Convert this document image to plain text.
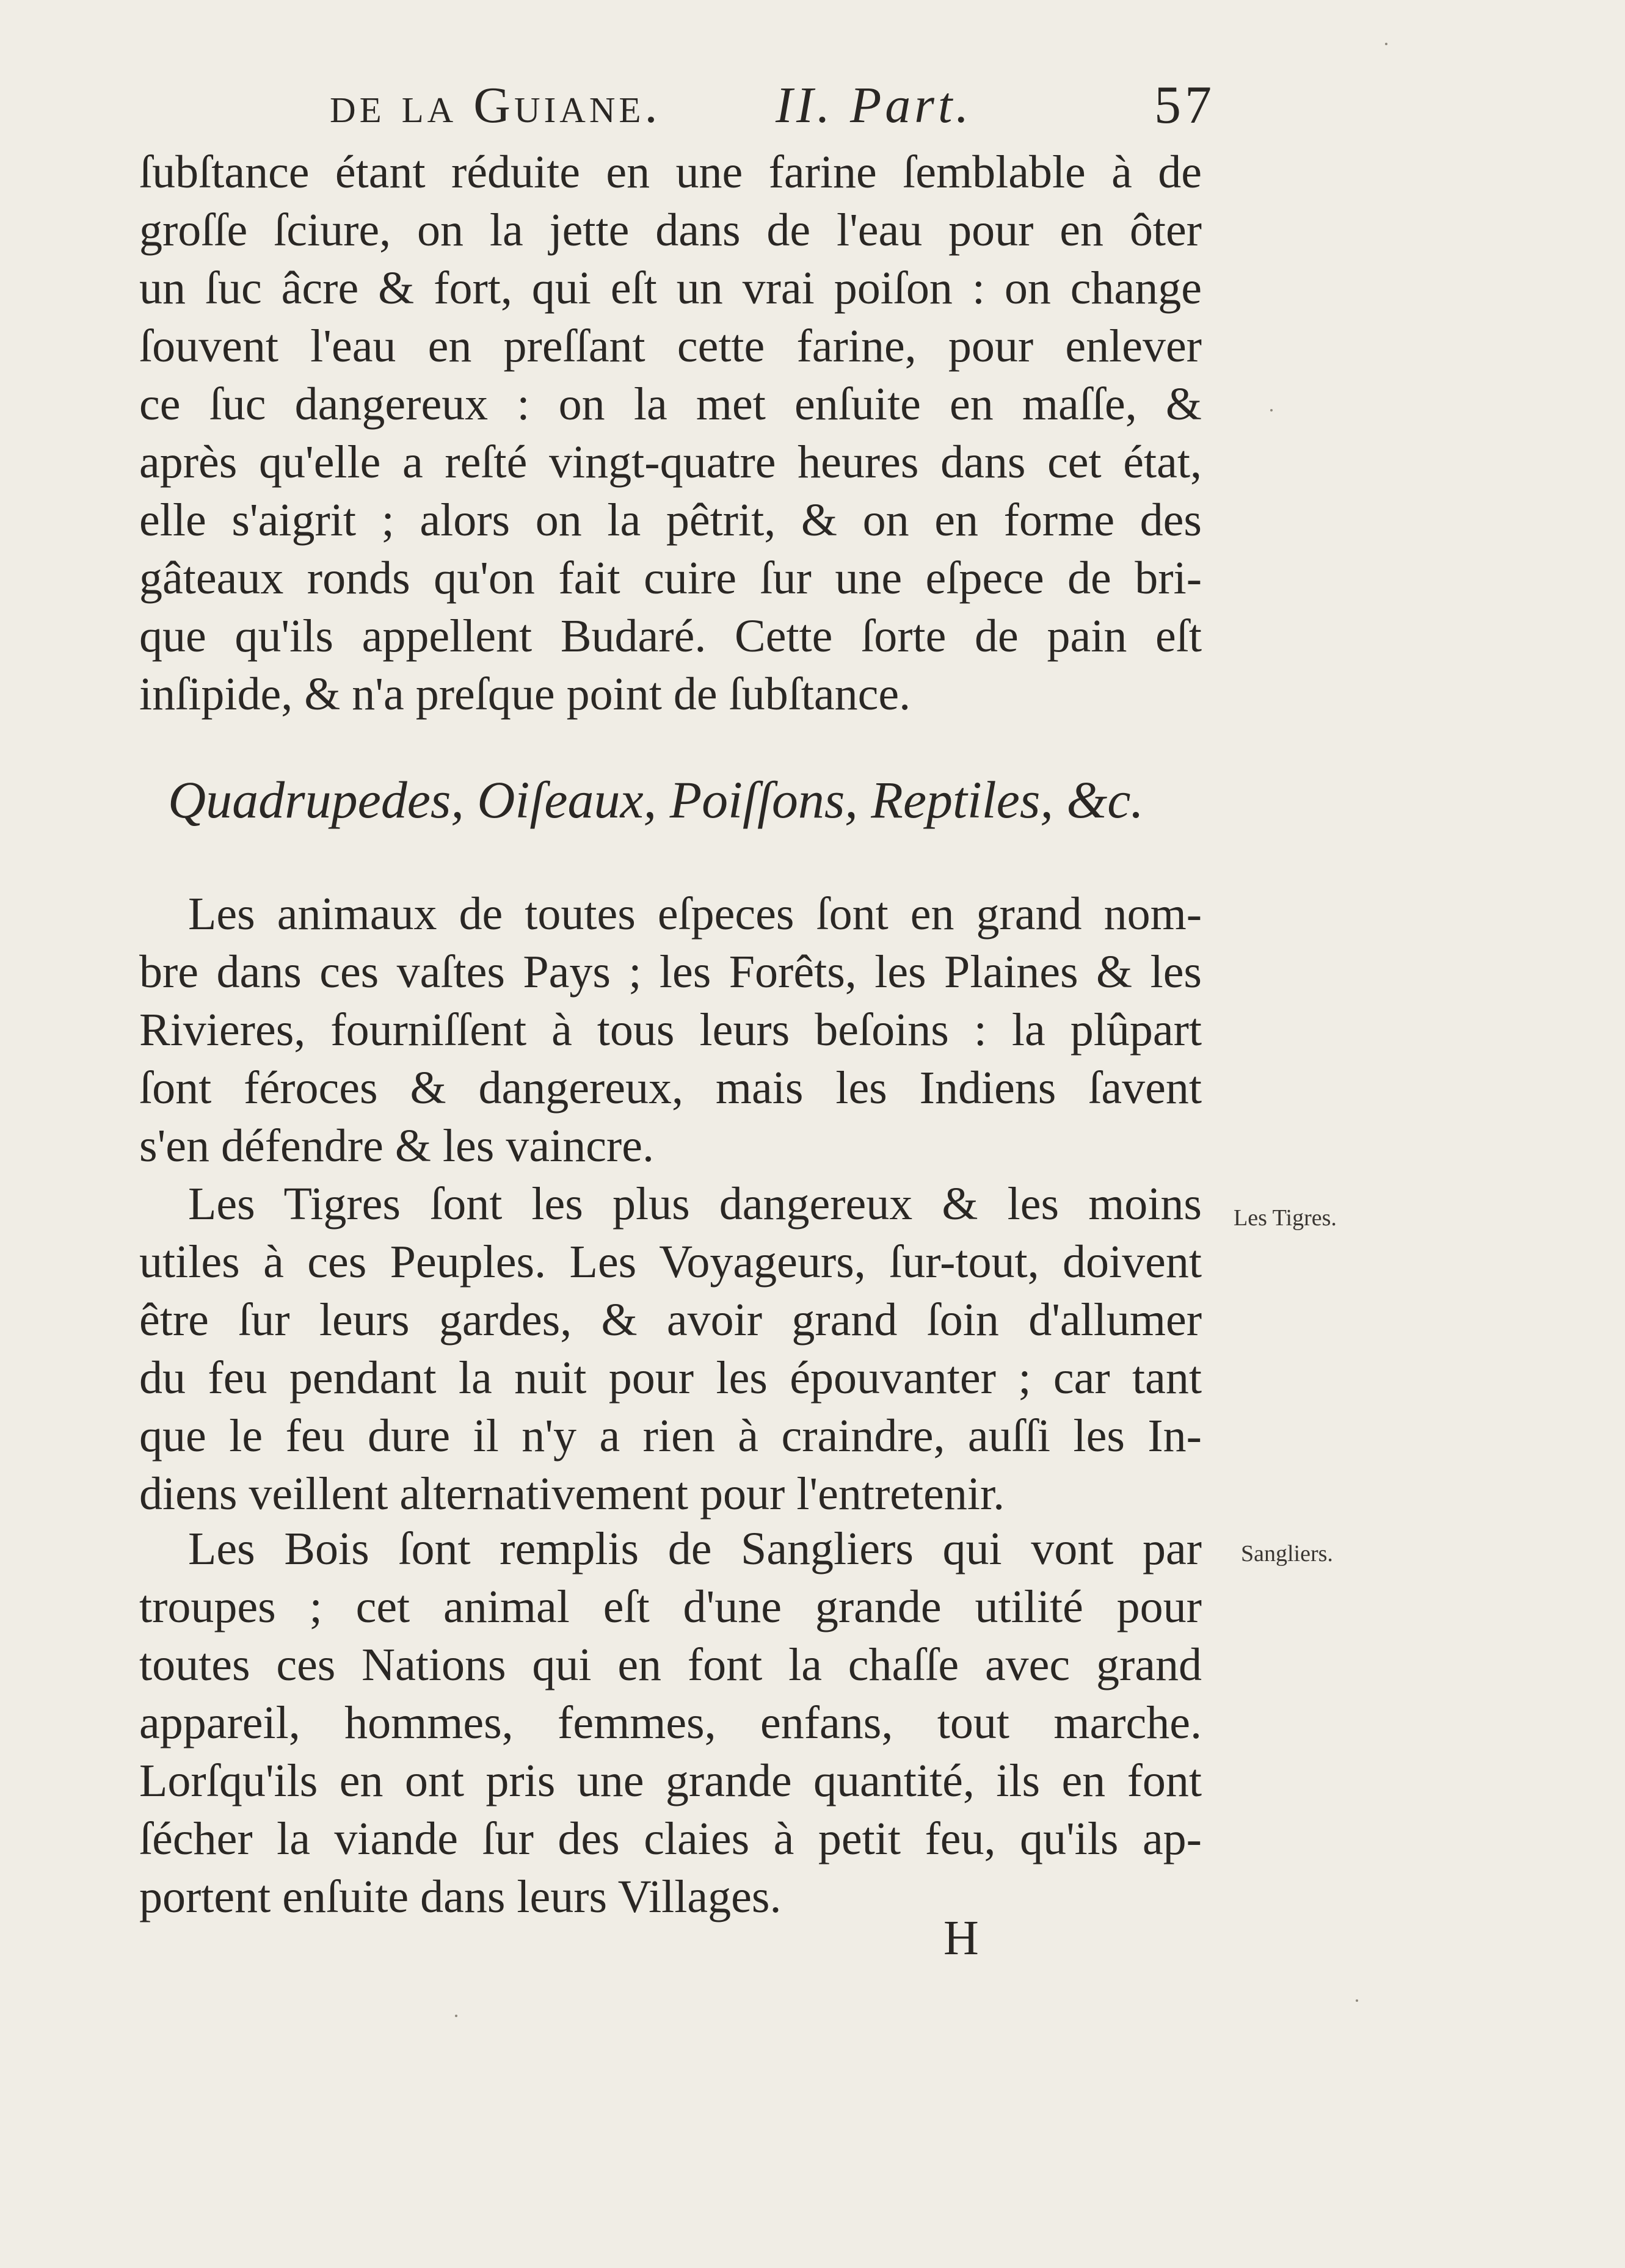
de la Guiane. II. Part.	57
ſubſtance étant réduite en une farine ſemblable à de
groſſe ſciure, on la jette dans de l'eau pour en ôter
un ſuc âcre & fort, qui eſt un vrai poiſon : on change
ſouvent l'eau en preſſant cette farine, pour enlever
ce ſuc dangereux : on la met enſuite en maſſe, &
après qu'elle a reſté vingt-quatre heures dans cet état,
elle s'aigrit ; alors on la pêtrit, & on en forme des
gâteaux ronds qu'on fait cuire ſur une eſpece de bri-
que qu'ils appellent Budaré. Cette ſorte de pain eſt
inſipide, & n'a preſque point de ſubſtance.
Quadrupedes, Oiſeaux, Poiſſons, Reptiles, &c.
Les animaux de toutes eſpeces ſont en grand nom-
bre dans ces vaſtes Pays ; les Forêts, les Plaines & les
Rivieres, fourniſſent à tous leurs beſoins : la plûpart
ſont féroces & dangereux, mais les Indiens ſavent
s'en défendre & les vaincre.
Les Tigres ſont les plus dangereux & les moins
utiles à ces Peuples. Les Voyageurs, ſur-tout, doivent
être ſur leurs gardes, & avoir grand ſoin d'allumer
du feu pendant la nuit pour les épouvanter ; car tant
que le feu dure il n'y a rien à craindre, auſſi les In-
diens veillent alternativement pour l'entretenir.
Les Bois ſont remplis de Sangliers qui vont par
troupes ; cet animal eſt d'une grande utilité pour
toutes ces Nations qui en font la chaſſe avec grand
appareil, hommes, femmes, enfans, tout marche.
Lorſqu'ils en ont pris une grande quantité, ils en font
ſécher la viande ſur des claies à petit feu, qu'ils ap-
portent enſuite dans leurs Villages.
Les Tigres.
Sangliers.
H
